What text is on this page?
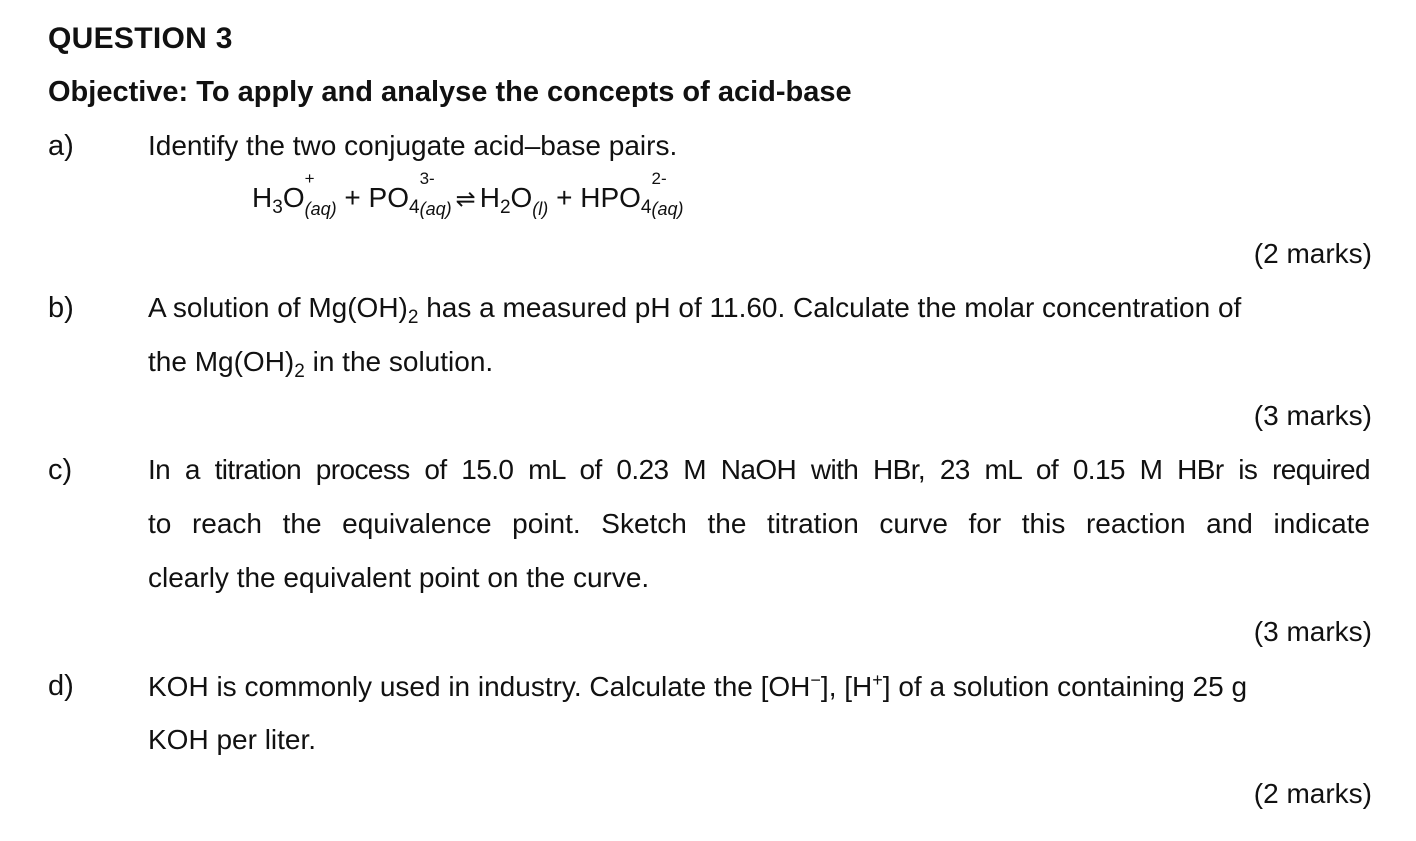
QUESTION 3
Objective: To apply and analyse the concepts of acid-base
a)	Identify the two conjugate acid–base pairs.
$H_3O$
+
$(aq) + PO_4$
3-
(aq) ⇌ $H_2O_{(l)} + HPO_4$
2-
(aq)
(2 marks)
b)	A solution of $Mg(OH)_2$ has a measured pH of 11.60. Calculate the molar concentration of
the $Mg(OH)_2$ in the solution.
(3 marks)
c)	In a titration process of 15.0 mL of 0.23 M NaOH with HBr, 23 mL of 0.15 M HBr is required
to reach the equivalence point. Sketch the titration curve for this reaction and indicate
clearly the equivalent point on the curve.
(3 marks)
d)	KOH is commonly used in industry. Calculate the [OH−], [H+] of a solution containing 25 g
KOH per liter.
(2 marks)
